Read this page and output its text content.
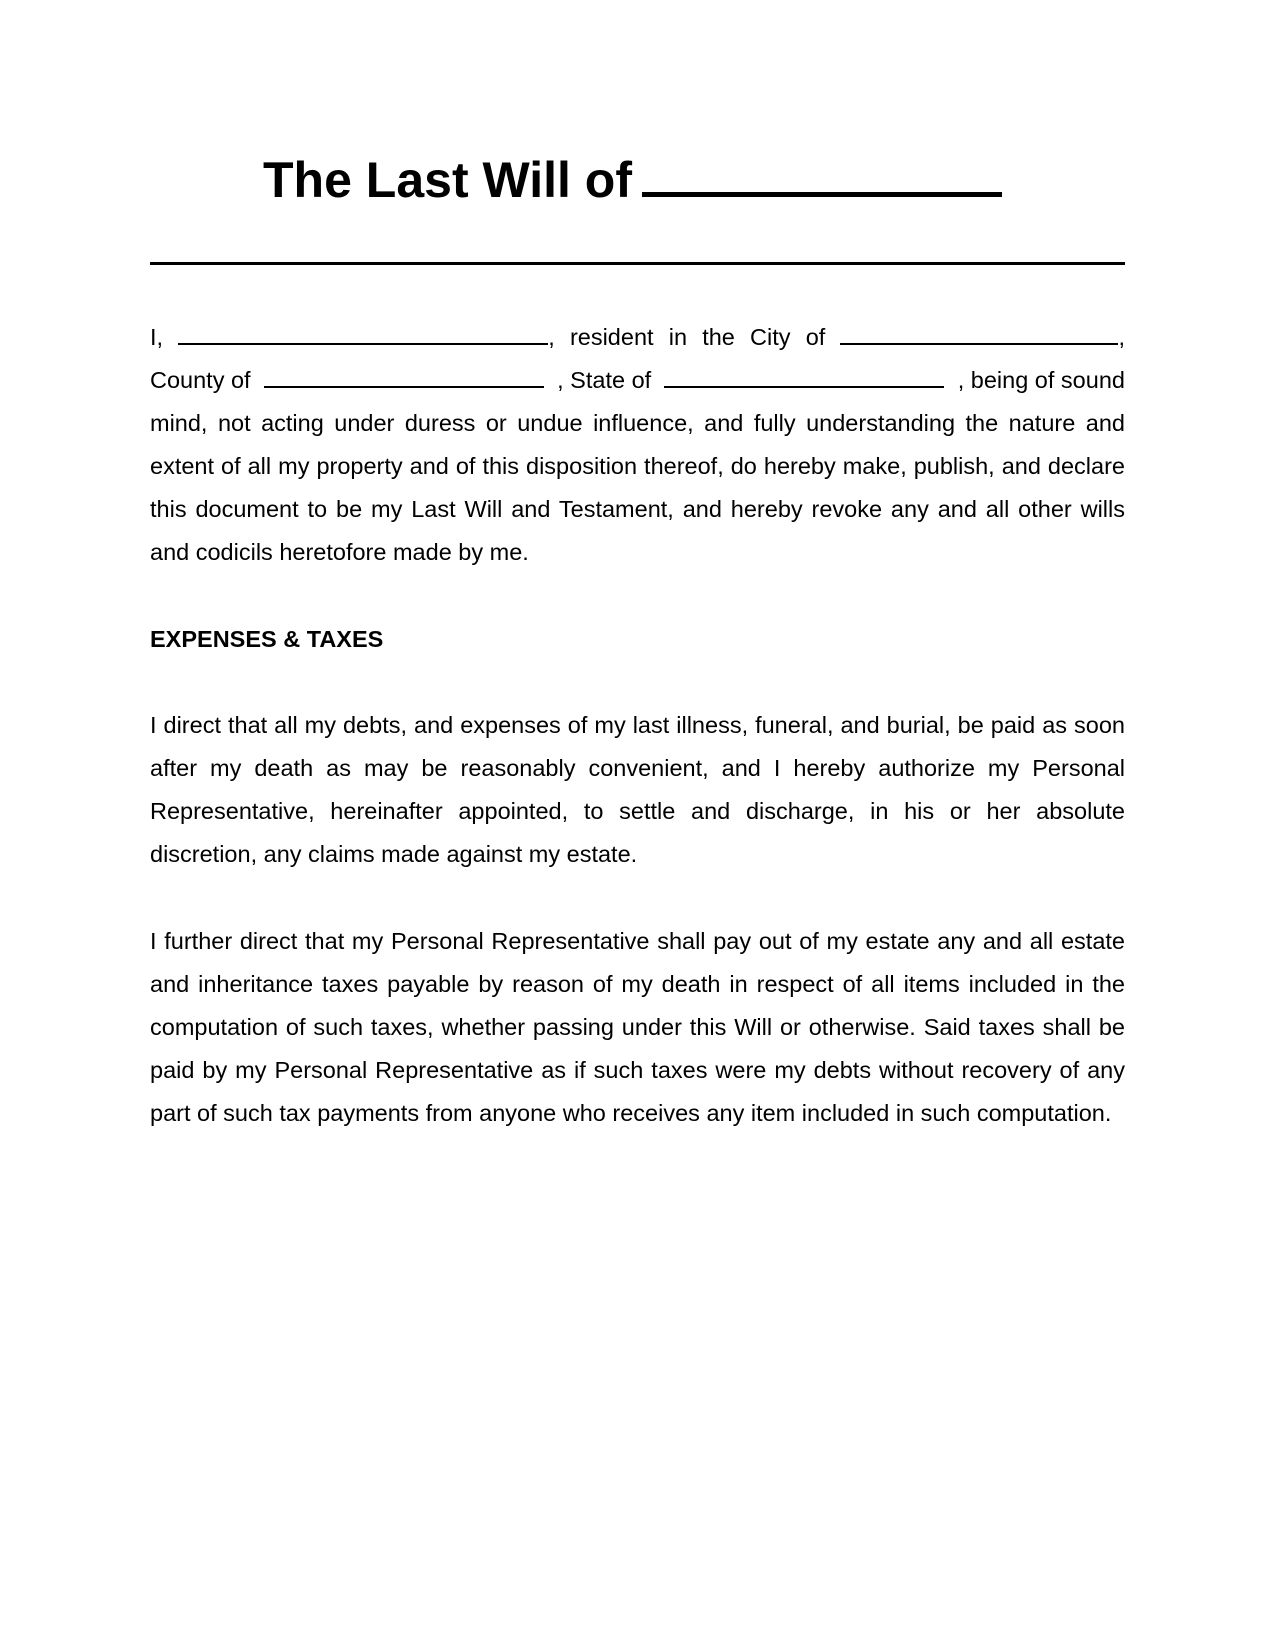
The Last Will of
I,	, resident in the City of	,
County of	, State of	, being of sound
mind, not acting under duress or undue influence, and fully understanding the nature and extent of all my property and of this disposition thereof, do hereby make, publish, and declare this document to be my Last Will and Testament, and hereby revoke any and all other wills and codicils heretofore made by me.
EXPENSES & TAXES

I direct that all my debts, and expenses of my last illness, funeral, and burial, be paid as soon after my death as may be reasonably convenient, and I hereby authorize my Personal Representative, hereinafter appointed, to settle and discharge, in his or her absolute discretion, any claims made against my estate.

I further direct that my Personal Representative shall pay out of my estate any and all estate and inheritance taxes payable by reason of my death in respect of all items included in the computation of such taxes, whether passing under this Will or otherwise. Said taxes shall be paid by my Personal Representative as if such taxes were my debts without recovery of any part of such tax payments from anyone who receives any item included in such computation.
